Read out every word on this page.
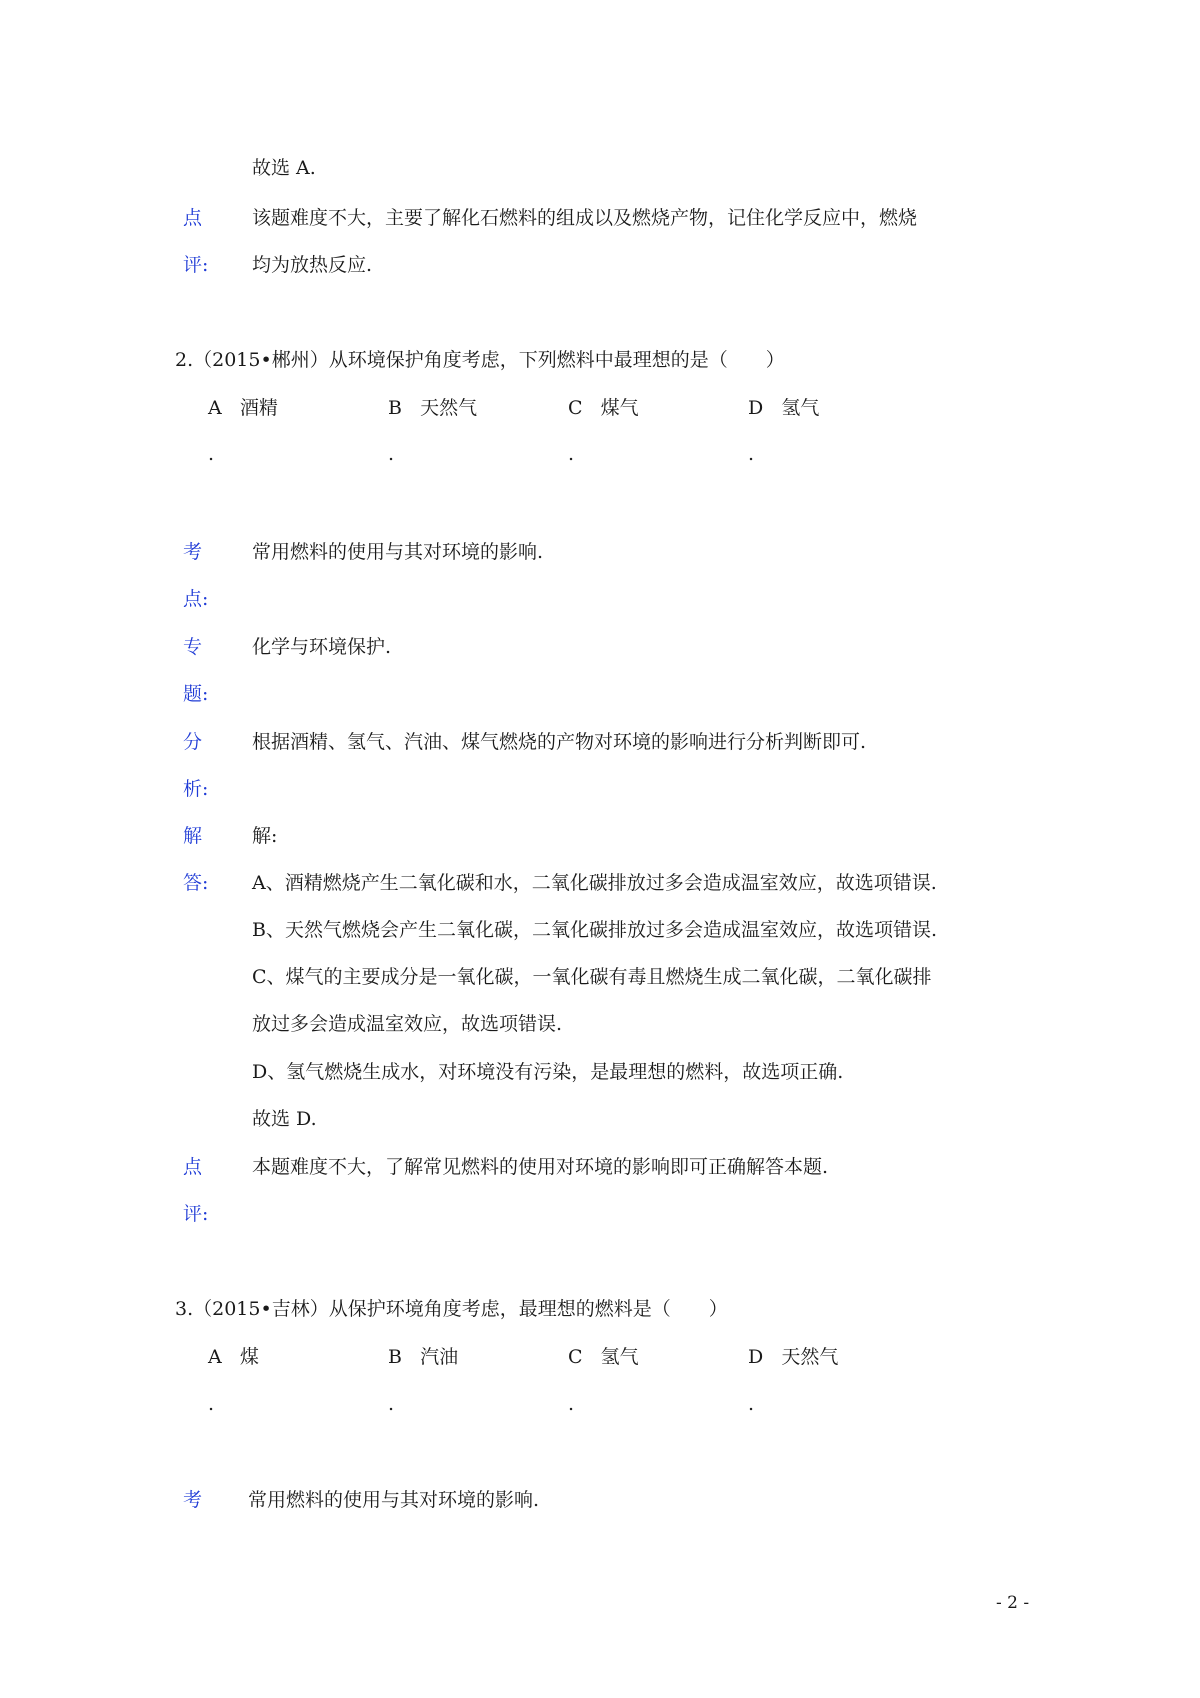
故选 A.
点	该题难度不大，主要了解化石燃料的组成以及燃烧产物，记住化学反应中，燃烧
评: 均为放热反应.
2.（2015•郴州）从环境保护角度考虑，下列燃料中最理想的是（　　）
A 酒精	B 天然气	C 煤气	D 氢气
.	.	.	.
考	常用燃料的使用与其对环境的影响.
点:
专	化学与环境保护.
题:
分	根据酒精、氢气、汽油、煤气燃烧的产物对环境的影响进行分析判断即可.
析:
解
答:
解:
A、酒精燃烧产生二氧化碳和水，二氧化碳排放过多会造成温室效应，故选项错误.
B、天然气燃烧会产生二氧化碳，二氧化碳排放过多会造成温室效应，故选项错误.
C、煤气的主要成分是一氧化碳，一氧化碳有毒且燃烧生成二氧化碳，二氧化碳排
放过多会造成温室效应，故选项错误.
D、氢气燃烧生成水，对环境没有污染，是最理想的燃料，故选项正确.
故选 D.
点	本题难度不大，了解常见燃料的使用对环境的影响即可正确解答本题.
评:
3.（2015•吉林）从保护环境角度考虑，最理想的燃料是（　　）
A 煤	B 汽油	C 氢气	D 天然气
.	.	.	.
考 常用燃料的使用与其对环境的影响.
- 2 -
